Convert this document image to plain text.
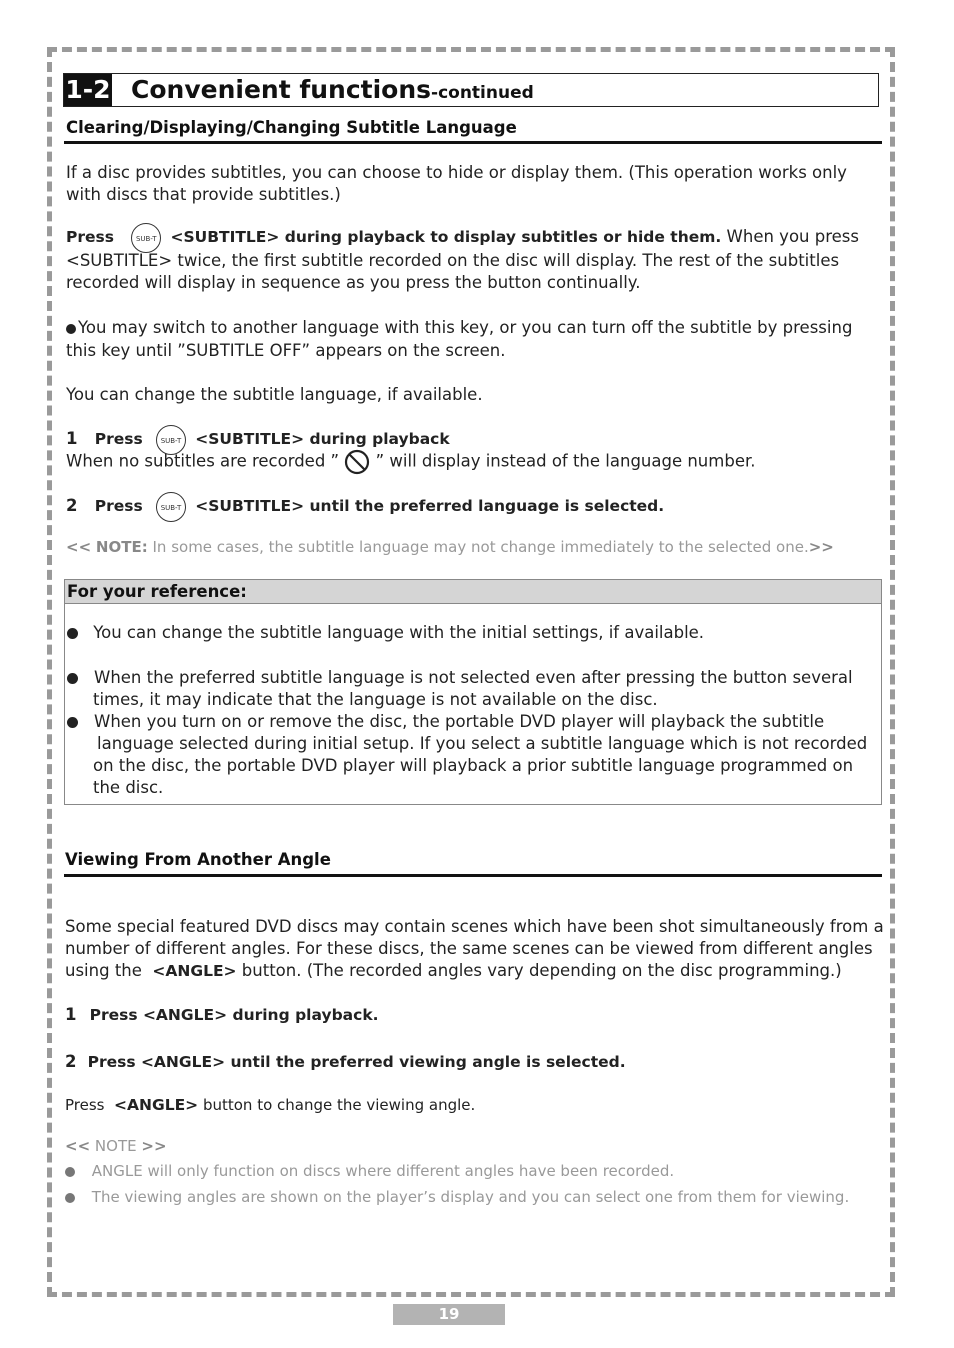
1-2 Convenient functions-continued
Clearing/Displaying/Changing Subtitle Language
If a disc provides subtitles, you can choose to hide or display them. (This operation works only
with discs that provide subtitles.)
Press	SUB-T <SUBTITLE> during playback to display subtitles or hide them. When you press
<SUBTITLE> twice, the first subtitle recorded on the disc will display. The rest of the subtitles
recorded will display in sequence as you press the button continually.
You may switch to another language with this key, or you can turn off the subtitle by pressing
this key until ”SUBTITLE OFF” appears on the screen.
You can change the subtitle language, if available.
1 Press	SUB-T <SUBTITLE> during playback
When no subtitles are recorded ” ” will display instead of the language number.
2 Press	SUB-T <SUBTITLE> until the preferred language is selected.
<< NOTE: In some cases, the subtitle language may not change immediately to the selected one.>>
For your reference:
You can change the subtitle language with the initial settings, if available.
When the preferred subtitle language is not selected even after pressing the button several
times, it may indicate that the language is not available on the disc.
When you turn on or remove the disc, the portable DVD player will playback the subtitle
language selected during initial setup. If you select a subtitle language which is not recorded
on the disc, the portable DVD player will playback a prior subtitle language programmed on
the disc.
Viewing From Another Angle
Some special featured DVD discs may contain scenes which have been shot simultaneously from a
number of different angles. For these discs, the same scenes can be viewed from different angles
using the <ANGLE> button. (The recorded angles vary depending on the disc programming.)
1 Press <ANGLE> during playback.
2 Press <ANGLE> until the preferred viewing angle is selected.
Press <ANGLE> button to change the viewing angle.
<< NOTE >>
ANGLE will only function on discs where different angles have been recorded.
The viewing angles are shown on the player’s display and you can select one from them for viewing.
19
